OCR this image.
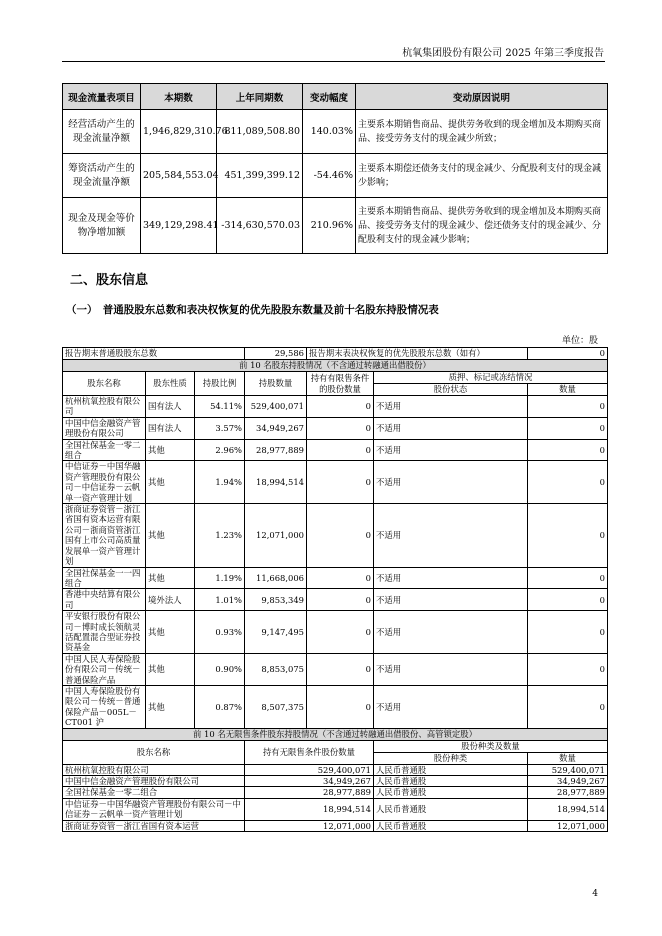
杭氧集团股份有限公司 2025 年第三季度报告
现金流量表项目	本期数	上年同期数	变动幅度	变动原因说明
经营活动产生的现金流量净额	1,946,829,310.76	811,089,508.80	140.03%	主要系本期销售商品、提供劳务收到的现金增加及本期购买商品、接受劳务支付的现金减少所致；
筹资活动产生的现金流量净额	205,584,553.04	451,399,399.12	-54.46%	主要系本期偿还债务支付的现金减少、分配股利支付的现金减少影响；
现金及现金等价物净增加额	349,129,298.41	-314,630,570.03	210.96%	主要系本期销售商品、提供劳务收到的现金增加及本期购买商品、接受劳务支付的现金减少、偿还债务支付的现金减少、分配股利支付的现金减少影响；
二、股东信息
（一）　普通股股东总数和表决权恢复的优先股股东数量及前十名股东持股情况表
单位：股
报告期末普通股股东总数			29,586	报告期末表决权恢复的优先股股东总数（如有）		0
前 10 名股东持股情况（不含通过转融通出借股份）						
股东名称	股东性质	持股比例	持股数量	持有有限售条件的股份数量	质押、标记或冻结情况	
					股份状态	数量
杭州杭氧控股有限公司	国有法人	54.11%	529,400,071	0	不适用	0
中国中信金融资产管理股份有限公司	国有法人	3.57%	34,949,267	0	不适用	0
全国社保基金一零二组合	其他	2.96%	28,977,889	0	不适用	0
中信证券－中国华融资产管理股份有限公司－中信证券－云帆单一资产管理计划	其他	1.94%	18,994,514	0	不适用	0
浙商证券资管－浙江省国有资本运营有限公司－浙商资管浙江国有上市公司高质量发展单一资产管理计划	其他	1.23%	12,071,000	0	不适用	0
全国社保基金一一四组合	其他	1.19%	11,668,006	0	不适用	0
香港中央结算有限公司	境外法人	1.01%	9,853,349	0	不适用	0
平安银行股份有限公司－博时成长领航灵活配置混合型证券投资基金	其他	0.93%	9,147,495	0	不适用	0
中国人民人寿保险股份有限公司－传统－普通保险产品	其他	0.90%	8,853,075	0	不适用	0
中国人寿保险股份有限公司－传统－普通保险产品－005L－CT001 沪	其他	0.87%	8,507,375	0	不适用	0
前 10 名无限售条件股东持股情况（不含通过转融通出借股份、高管锁定股）						
股东名称			持有无限售条件股份数量		股份种类及数量	
					股份种类	数量
杭州杭氧控股有限公司			529,400,071		人民币普通股	529,400,071
中国中信金融资产管理股份有限公司			34,949,267		人民币普通股	34,949,267
全国社保基金一零二组合			28,977,889		人民币普通股	28,977,889
中信证券－中国华融资产管理股份有限公司－中信证券－云帆单一资产管理计划			18,994,514		人民币普通股	18,994,514
浙商证券资管－浙江省国有资本运营			12,071,000		人民币普通股	12,071,000
4
